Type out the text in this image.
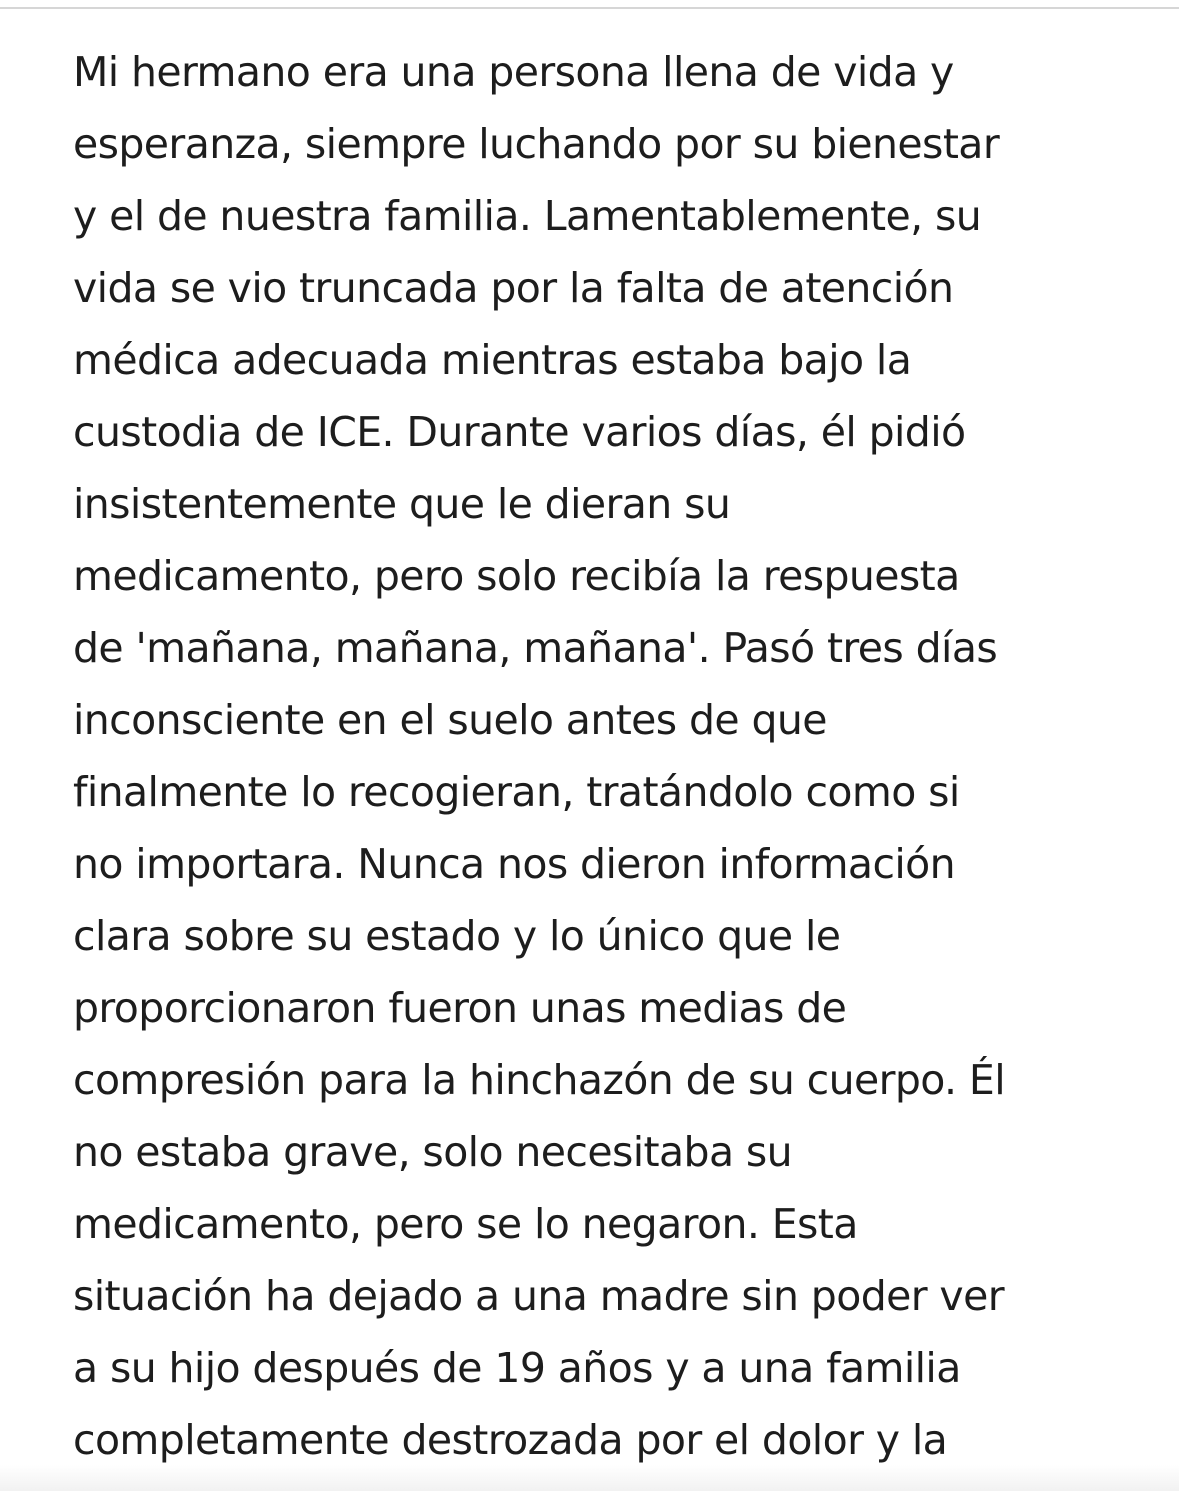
Mi hermano era una persona llena de vida y
esperanza, siempre luchando por su bienestar
y el de nuestra familia. Lamentablemente, su
vida se vio truncada por la falta de atención
médica adecuada mientras estaba bajo la
custodia de ICE. Durante varios días, él pidió
insistentemente que le dieran su
medicamento, pero solo recibía la respuesta
de 'mañana, mañana, mañana'. Pasó tres días
inconsciente en el suelo antes de que
finalmente lo recogieran, tratándolo como si
no importara. Nunca nos dieron información
clara sobre su estado y lo único que le
proporcionaron fueron unas medias de
compresión para la hinchazón de su cuerpo. Él
no estaba grave, solo necesitaba su
medicamento, pero se lo negaron. Esta
situación ha dejado a una madre sin poder ver
a su hijo después de 19 años y a una familia
completamente destrozada por el dolor y la
